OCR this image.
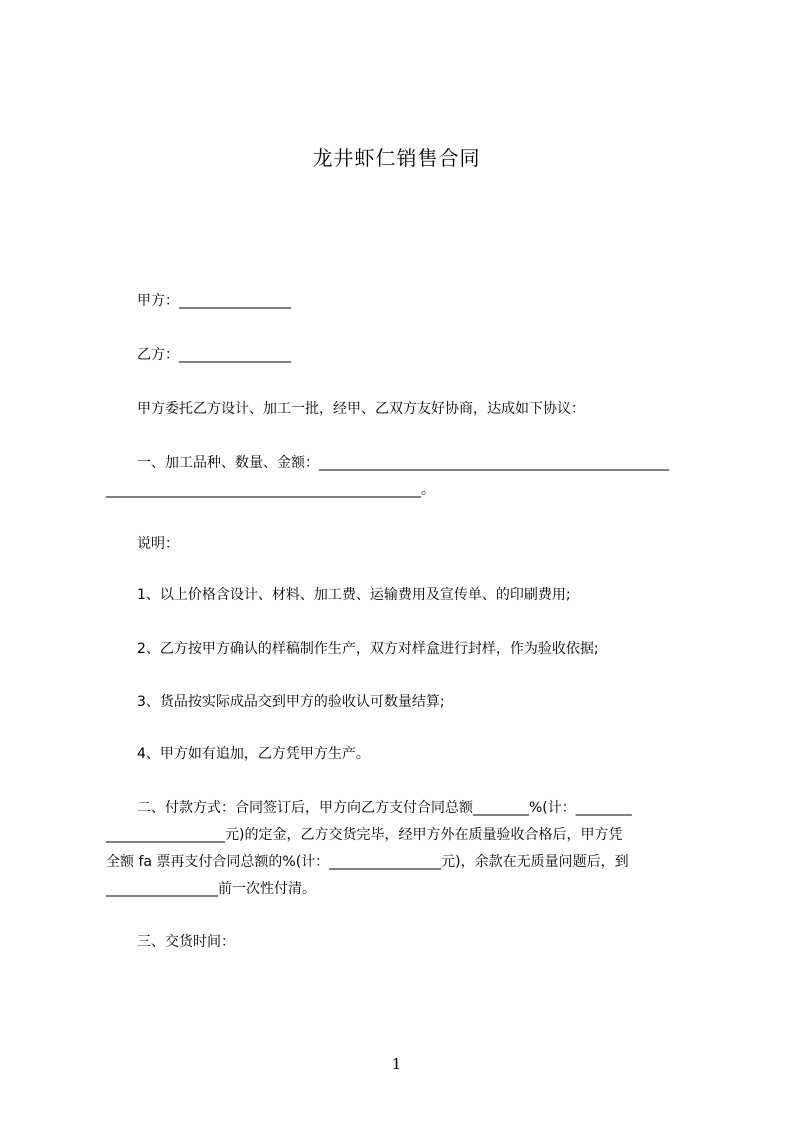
龙井虾仁销售合同
甲方：________________
乙方：________________
甲方委托乙方设计、加工一批，经甲、乙双方友好协商，达成如下协议：
一、加工品种、数量、金额：__________________________________________________
_____________________________________________。
说明：
1、以上价格含设计、材料、加工费、运输费用及宣传单、的印刷费用;
2、乙方按甲方确认的样稿制作生产，双方对样盒进行封样，作为验收依据;
3、货品按实际成品交到甲方的验收认可数量结算;
4、甲方如有追加，乙方凭甲方生产。
二、付款方式：合同签订后，甲方向乙方支付合同总额________%(计：________
_________________元)的定金，乙方交货完毕，经甲方外在质量验收合格后，甲方凭
全额 fa 票再支付合同总额的%(计：________________元)，余款在无质量问题后，到
________________前一次性付清。
三、交货时间：
1
